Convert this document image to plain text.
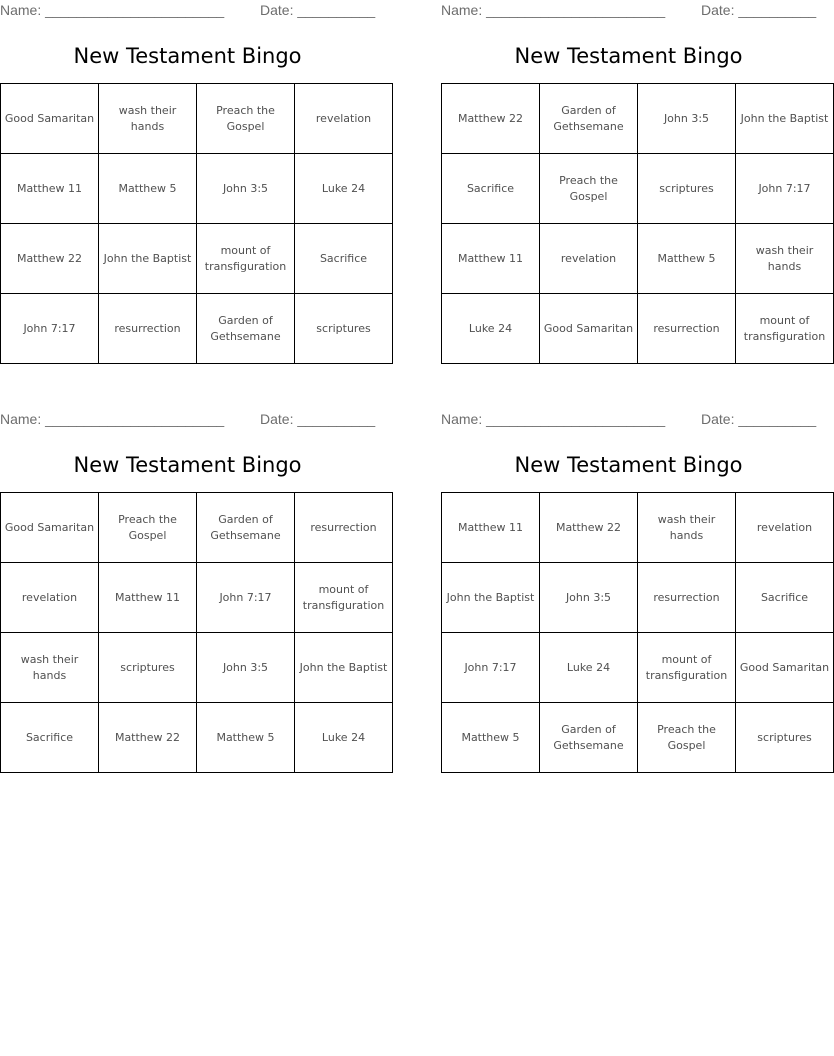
Name: _______________________	Date: __________
New Testament Bingo
Good Samaritan	wash their hands	Preach the Gospel	revelation
Matthew 11	Matthew 5	John 3:5	Luke 24
Matthew 22	John the Baptist	mount of transfiguration	Sacrifice
John 7:17	resurrection	Garden of Gethsemane	scriptures
Name: _______________________	Date: __________
New Testament Bingo
Matthew 22	Garden of Gethsemane	John 3:5	John the Baptist
Sacrifice	Preach the Gospel	scriptures	John 7:17
Matthew 11	revelation	Matthew 5	wash their hands
Luke 24	Good Samaritan	resurrection	mount of transfiguration
Name: _______________________	Date: __________
New Testament Bingo
Good Samaritan	Preach the Gospel	Garden of Gethsemane	resurrection
revelation	Matthew 11	John 7:17	mount of transfiguration
wash their hands	scriptures	John 3:5	John the Baptist
Sacrifice	Matthew 22	Matthew 5	Luke 24
Name: _______________________	Date: __________
New Testament Bingo
Matthew 11	Matthew 22	wash their hands	revelation
John the Baptist	John 3:5	resurrection	Sacrifice
John 7:17	Luke 24	mount of transfiguration	Good Samaritan
Matthew 5	Garden of Gethsemane	Preach the Gospel	scriptures
